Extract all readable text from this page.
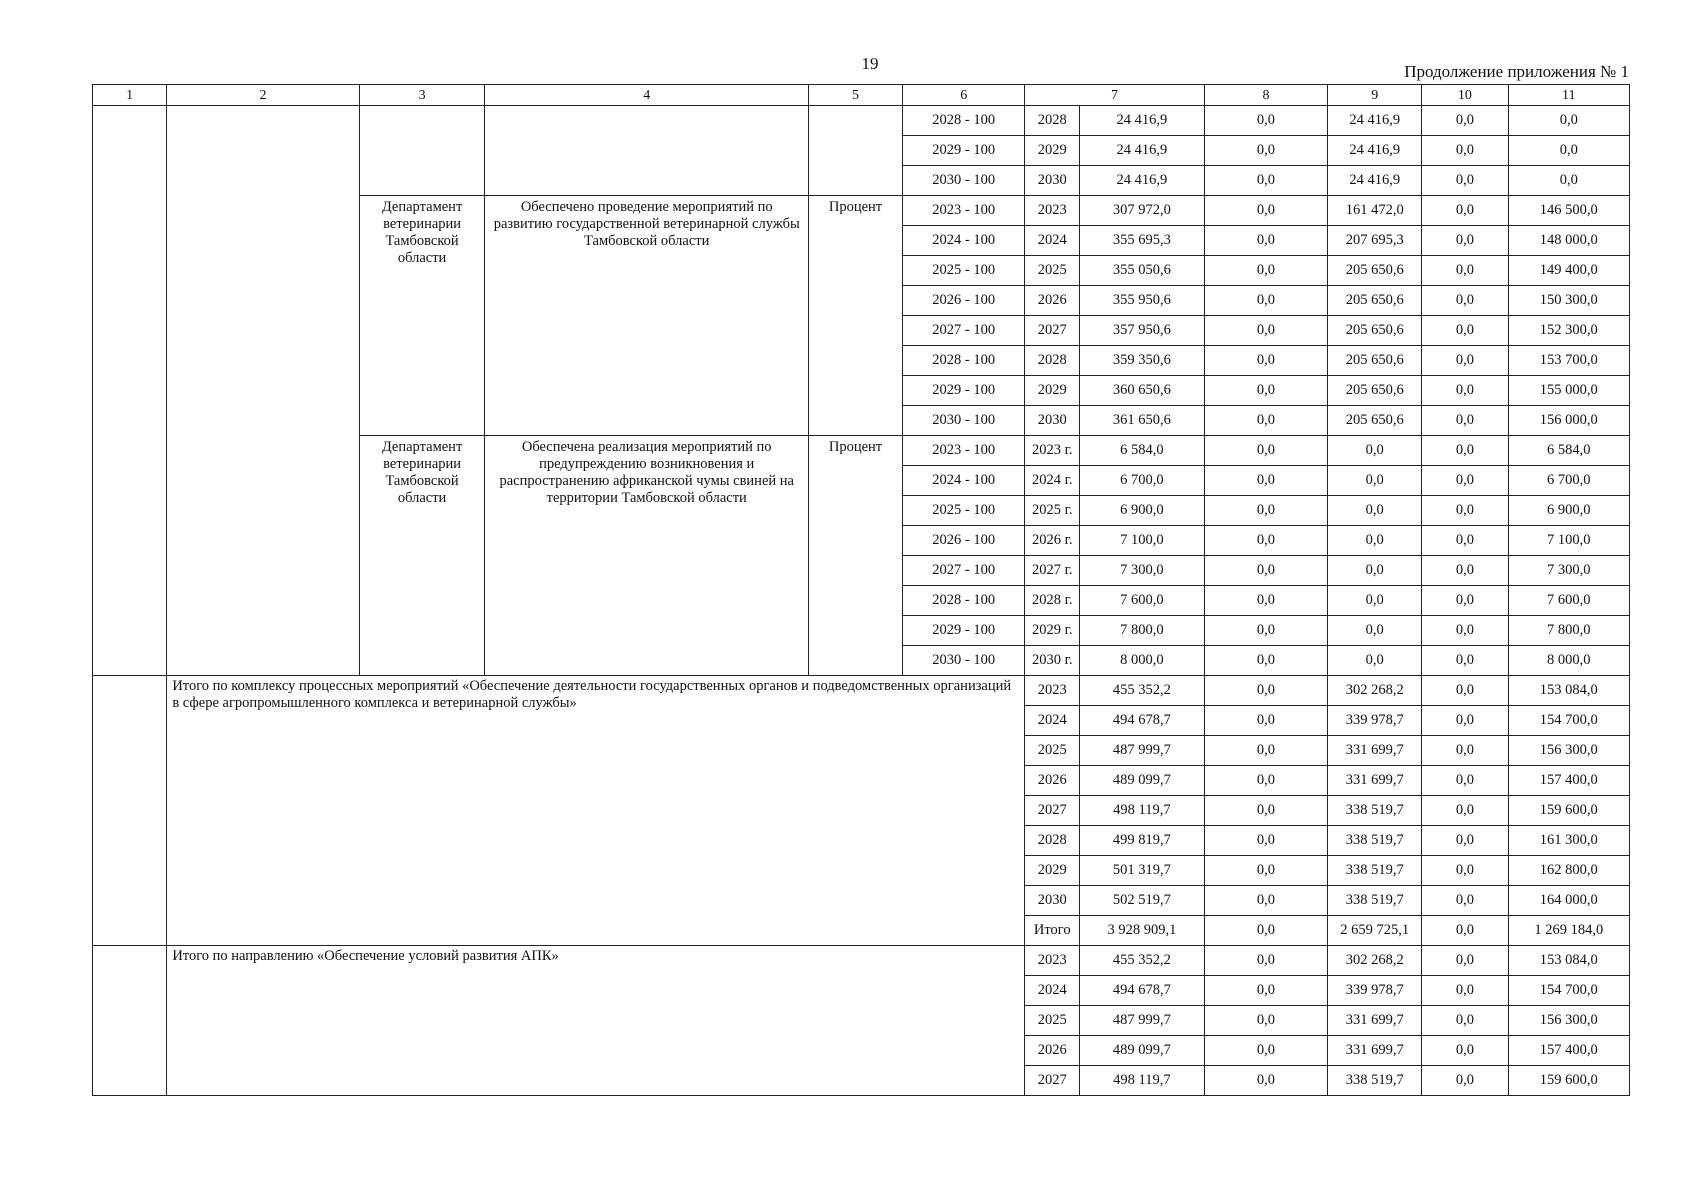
19	Продолжение приложения № 1
1	2	3	4	5	6	7		8	9	10	11
					2028 - 100	2028	24 416,9	0,0	24 416,9	0,0	0,0
					2029 - 100	2029	24 416,9	0,0	24 416,9	0,0	0,0
					2030 - 100	2030	24 416,9	0,0	24 416,9	0,0	0,0
		Департамент ветеринарии Тамбовской области	Обеспечено проведение мероприятий по развитию государственной ветеринарной службы Тамбовской области	Процент	2023 - 100	2023	307 972,0	0,0	161 472,0	0,0	146 500,0
					2024 - 100	2024	355 695,3	0,0	207 695,3	0,0	148 000,0
					2025 - 100	2025	355 050,6	0,0	205 650,6	0,0	149 400,0
					2026 - 100	2026	355 950,6	0,0	205 650,6	0,0	150 300,0
					2027 - 100	2027	357 950,6	0,0	205 650,6	0,0	152 300,0
					2028 - 100	2028	359 350,6	0,0	205 650,6	0,0	153 700,0
					2029 - 100	2029	360 650,6	0,0	205 650,6	0,0	155 000,0
					2030 - 100	2030	361 650,6	0,0	205 650,6	0,0	156 000,0
		Департамент ветеринарии Тамбовской области	Обеспечена реализация мероприятий по предупреждению возникновения и распространению африканской чумы свиней на территории Тамбовской области	Процент	2023 - 100	2023 г.	6 584,0	0,0	0,0	0,0	6 584,0
					2024 - 100	2024 г.	6 700,0	0,0	0,0	0,0	6 700,0
					2025 - 100	2025 г.	6 900,0	0,0	0,0	0,0	6 900,0
					2026 - 100	2026 г.	7 100,0	0,0	0,0	0,0	7 100,0
					2027 - 100	2027 г.	7 300,0	0,0	0,0	0,0	7 300,0
					2028 - 100	2028 г.	7 600,0	0,0	0,0	0,0	7 600,0
					2029 - 100	2029 г.	7 800,0	0,0	0,0	0,0	7 800,0
					2030 - 100	2030 г.	8 000,0	0,0	0,0	0,0	8 000,0
	Итого по комплексу процессных мероприятий «Обеспечение деятельности государственных органов и подведомственных организаций в сфере агропромышленного комплекса и ветеринарной службы»					2023	455 352,2	0,0	302 268,2	0,0	153 084,0
						2024	494 678,7	0,0	339 978,7	0,0	154 700,0
						2025	487 999,7	0,0	331 699,7	0,0	156 300,0
						2026	489 099,7	0,0	331 699,7	0,0	157 400,0
						2027	498 119,7	0,0	338 519,7	0,0	159 600,0
						2028	499 819,7	0,0	338 519,7	0,0	161 300,0
						2029	501 319,7	0,0	338 519,7	0,0	162 800,0
						2030	502 519,7	0,0	338 519,7	0,0	164 000,0
						Итого	3 928 909,1	0,0	2 659 725,1	0,0	1 269 184,0
	Итого по направлению «Обеспечение условий развития АПК»					2023	455 352,2	0,0	302 268,2	0,0	153 084,0
						2024	494 678,7	0,0	339 978,7	0,0	154 700,0
						2025	487 999,7	0,0	331 699,7	0,0	156 300,0
						2026	489 099,7	0,0	331 699,7	0,0	157 400,0
						2027	498 119,7	0,0	338 519,7	0,0	159 600,0
